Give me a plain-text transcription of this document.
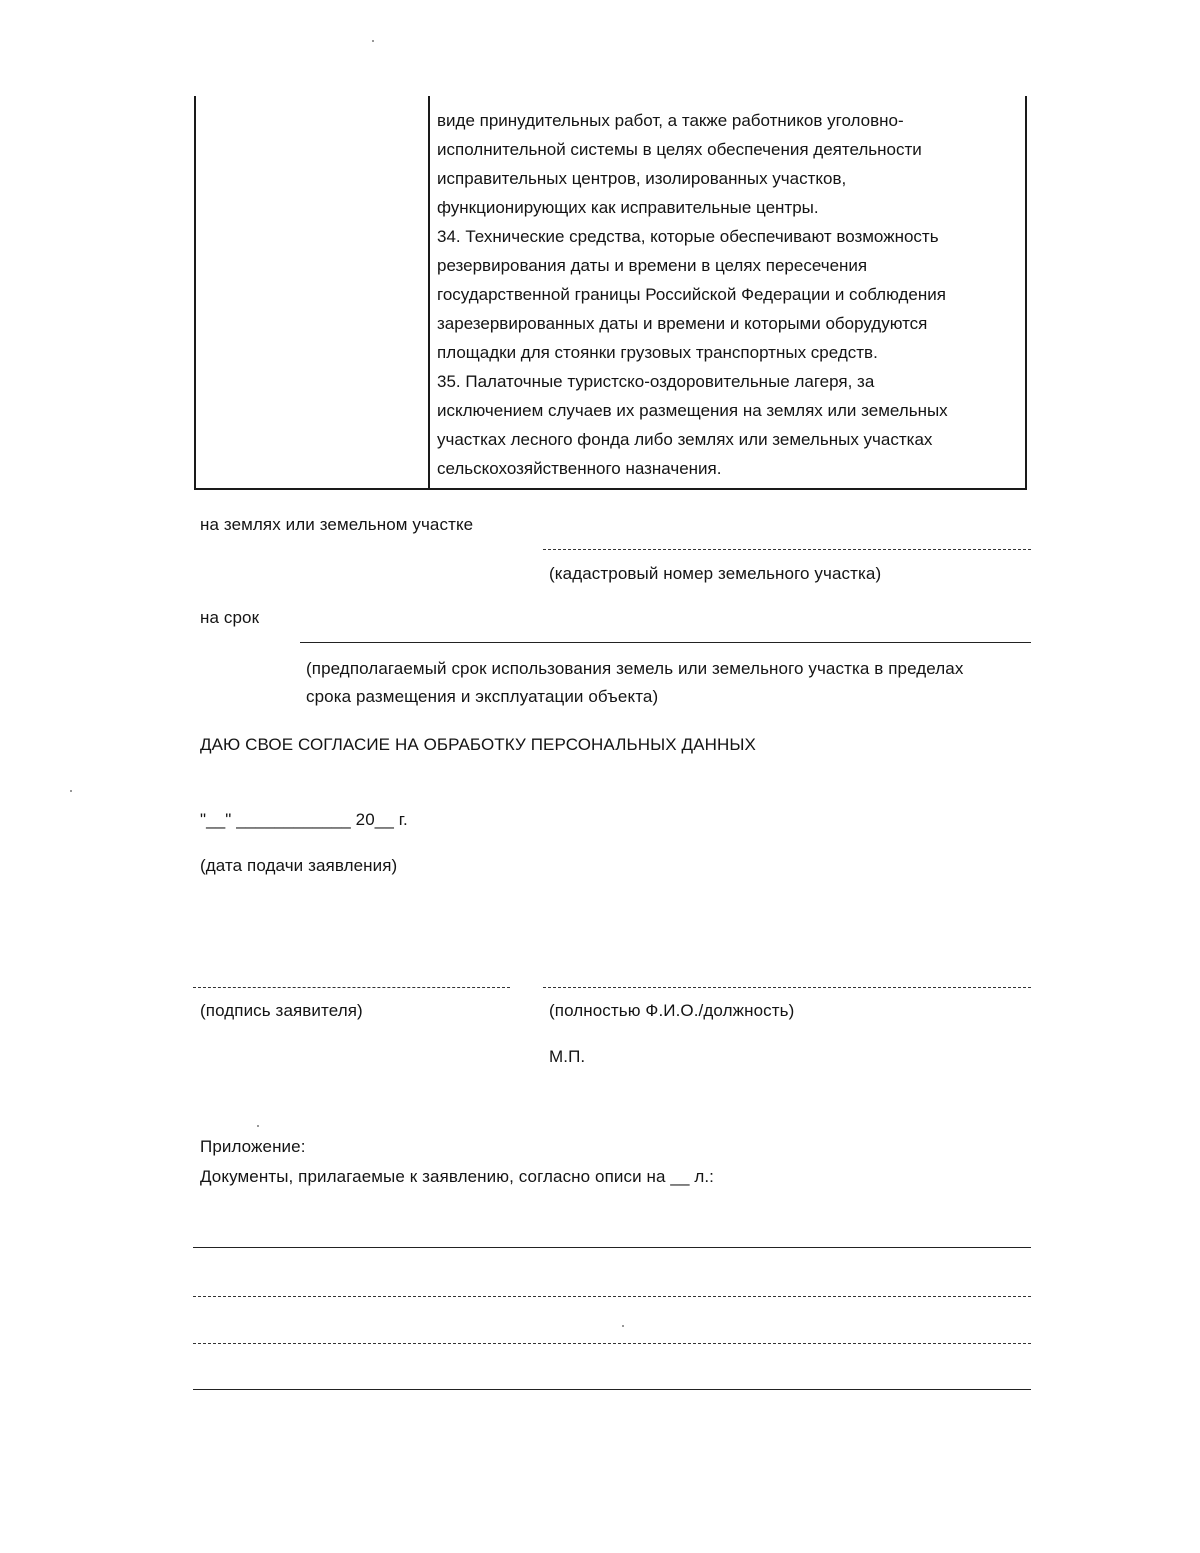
виде принудительных работ, а также работников уголовно-
исполнительной системы в целях обеспечения деятельности
исправительных центров, изолированных участков,
функционирующих как исправительные центры.
34. Технические средства, которые обеспечивают возможность
резервирования даты и времени в целях пересечения
государственной границы Российской Федерации и соблюдения
зарезервированных даты и времени и которыми оборудуются
площадки для стоянки грузовых транспортных средств.
35. Палаточные туристско-оздоровительные лагеря, за
исключением случаев их размещения на землях или земельных
участках лесного фонда либо землях или земельных участках
сельскохозяйственного назначения.
на землях или земельном участке
(кадастровый номер земельного участка)
на срок
(предполагаемый срок использования земель или земельного участка в пределах
срока размещения и эксплуатации объекта)
ДАЮ СВОЕ СОГЛАСИЕ НА ОБРАБОТКУ ПЕРСОНАЛЬНЫХ ДАННЫХ
"__" ____________ 20__ г.
(дата подачи заявления)
(подпись заявителя)	(полностью Ф.И.О./должность)
М.П.
Приложение:
Документы, прилагаемые к заявлению, согласно описи на __ л.:
